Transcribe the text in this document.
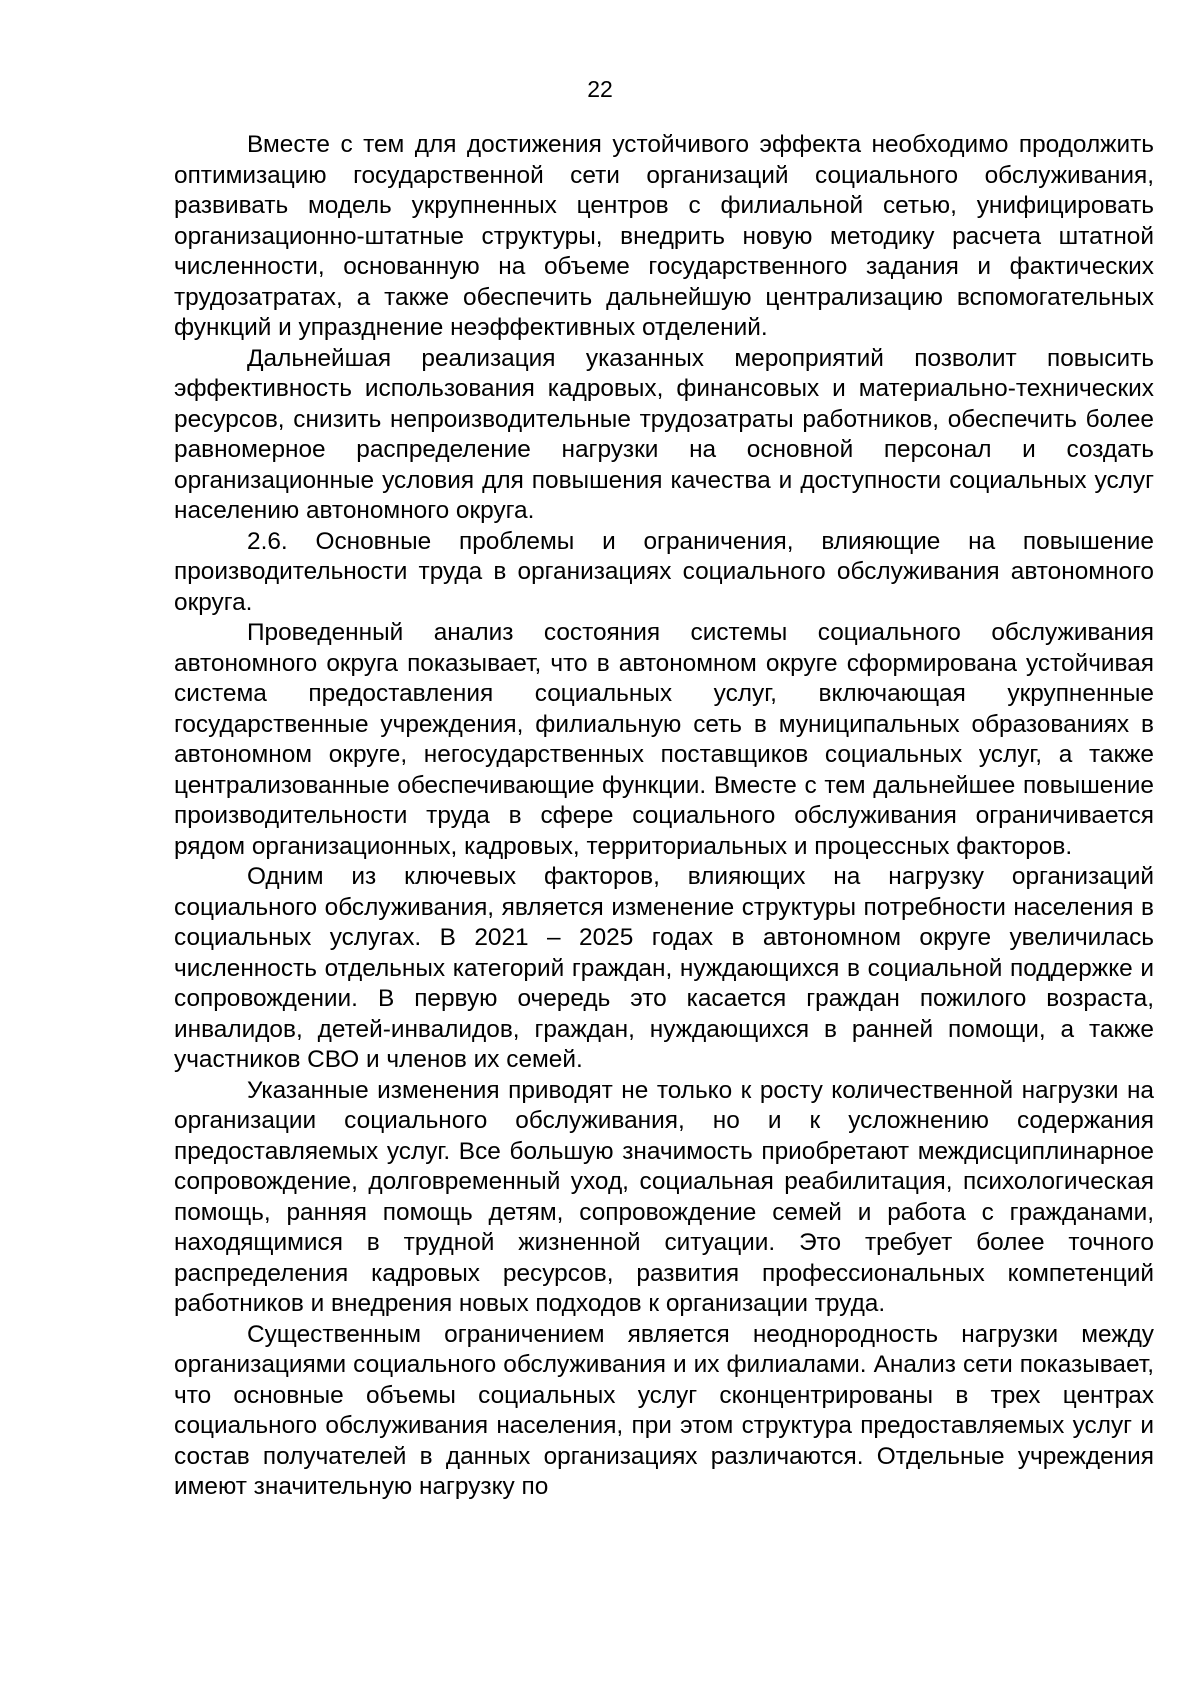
22

Вместе с тем для достижения устойчивого эффекта необходимо продолжить оптимизацию государственной сети организаций социального обслуживания, развивать модель укрупненных центров с филиальной сетью, унифицировать организационно-штатные структуры, внедрить новую методику расчета штатной численности, основанную на объеме государственного задания и фактических трудозатратах, а также обеспечить дальнейшую централизацию вспомогательных функций и упразднение неэффективных отделений.

Дальнейшая реализация указанных мероприятий позволит повысить эффективность использования кадровых, финансовых и материально-технических ресурсов, снизить непроизводительные трудозатраты работников, обеспечить более равномерное распределение нагрузки на основной персонал и создать организационные условия для повышения качества и доступности социальных услуг населению автономного округа.

2.6. Основные проблемы и ограничения, влияющие на повышение производительности труда в организациях социального обслуживания автономного округа.

Проведенный анализ состояния системы социального обслуживания автономного округа показывает, что в автономном округе сформирована устойчивая система предоставления социальных услуг, включающая укрупненные государственные учреждения, филиальную сеть в муниципальных образованиях в автономном округе, негосударственных поставщиков социальных услуг, а также централизованные обеспечивающие функции. Вместе с тем дальнейшее повышение производительности труда в сфере социального обслуживания ограничивается рядом организационных, кадровых, территориальных и процессных факторов.

Одним из ключевых факторов, влияющих на нагрузку организаций социального обслуживания, является изменение структуры потребности населения в социальных услугах. В 2021 – 2025 годах в автономном округе увеличилась численность отдельных категорий граждан, нуждающихся в социальной поддержке и сопровождении. В первую очередь это касается граждан пожилого возраста, инвалидов, детей-инвалидов, граждан, нуждающихся в ранней помощи, а также участников СВО и членов их семей.

Указанные изменения приводят не только к росту количественной нагрузки на организации социального обслуживания, но и к усложнению содержания предоставляемых услуг. Все большую значимость приобретают междисциплинарное сопровождение, долговременный уход, социальная реабилитация, психологическая помощь, ранняя помощь детям, сопровождение семей и работа с гражданами, находящимися в трудной жизненной ситуации. Это требует более точного распределения кадровых ресурсов, развития профессиональных компетенций работников и внедрения новых подходов к организации труда.

Существенным ограничением является неоднородность нагрузки между организациями социального обслуживания и их филиалами. Анализ сети показывает, что основные объемы социальных услуг сконцентрированы в трех центрах социального обслуживания населения, при этом структура предоставляемых услуг и состав получателей в данных организациях различаются. Отдельные учреждения имеют значительную нагрузку по
